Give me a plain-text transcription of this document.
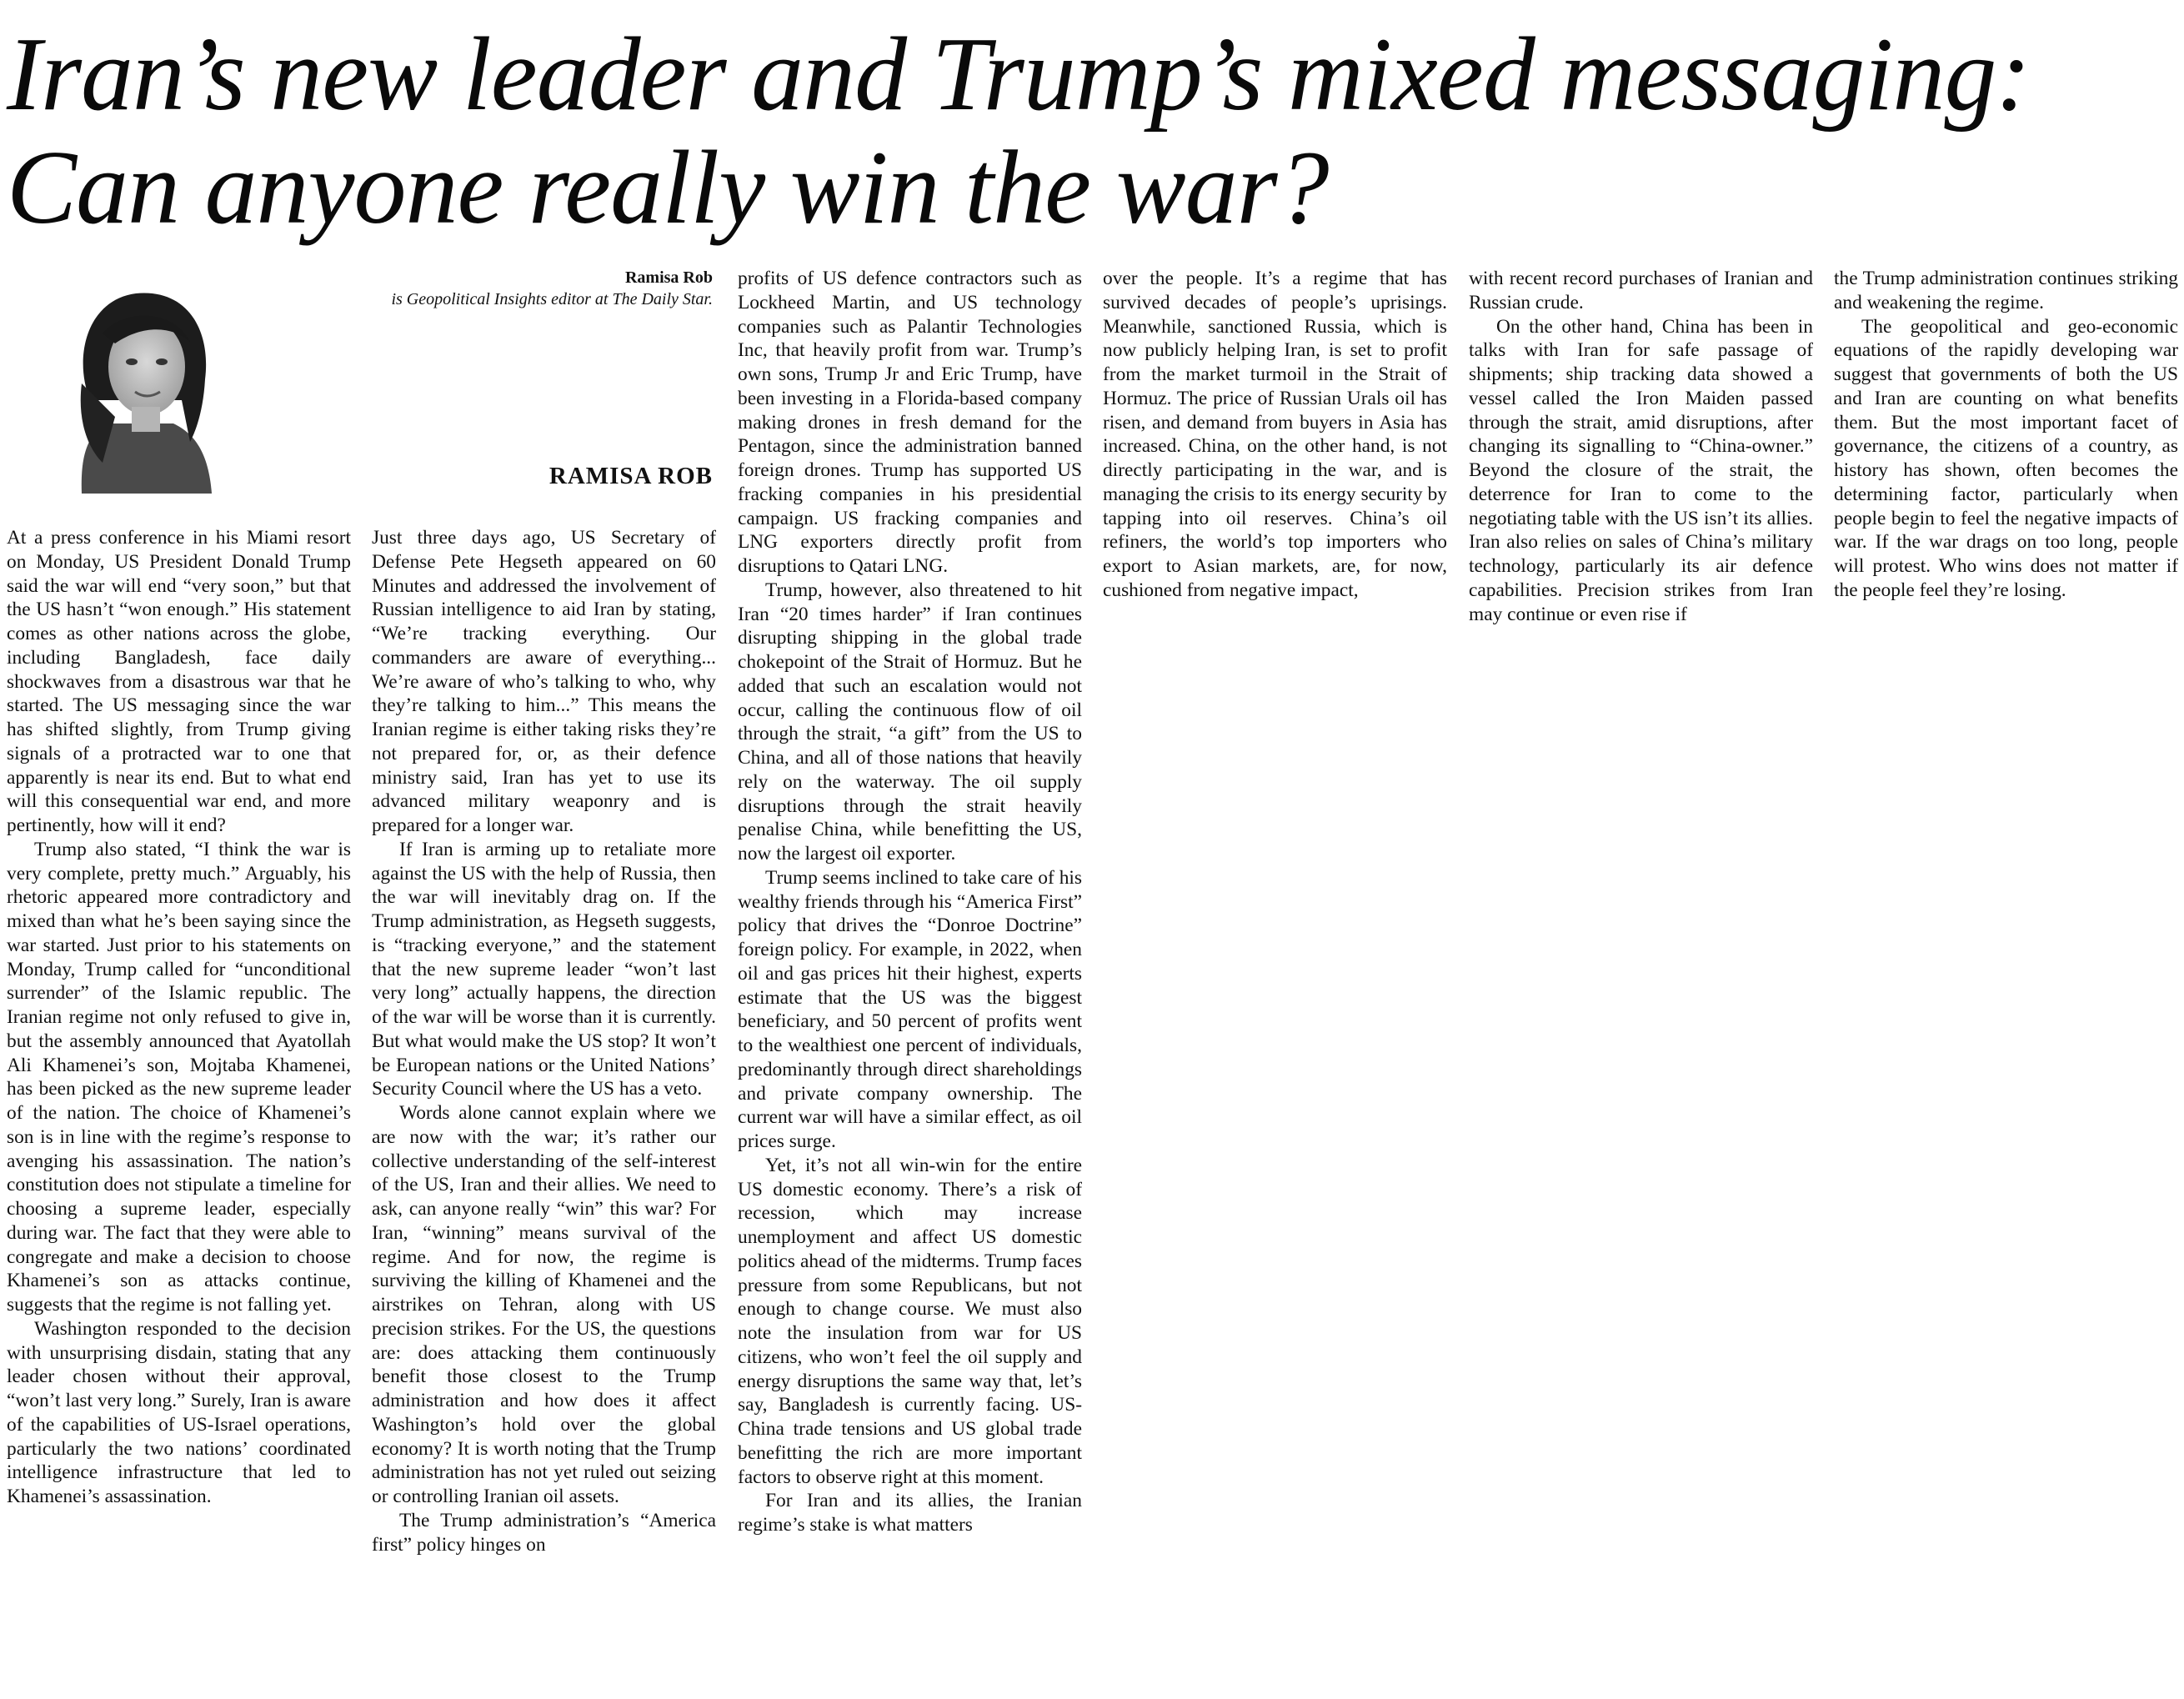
Iran’s new leader and Trump’s mixed messaging:
Can anyone really win the war?
Ramisa Rob
is Geopolitical Insights editor at The Daily Star.
RAMISA ROB

At a press conference in his Miami resort on Monday, US President Donald Trump said the war will end “very soon,” but that the US hasn’t “won enough.” His statement comes as other nations across the globe, including Bangladesh, face daily shockwaves from a disastrous war that he started. The US messaging since the war has shifted slightly, from Trump giving signals of a protracted war to one that apparently is near its end. But to what end will this consequential war end, and more pertinently, how will it end?

Trump also stated, “I think the war is very complete, pretty much.” Arguably, his rhetoric appeared more contradictory and mixed than what he’s been saying since the war started. Just prior to his statements on Monday, Trump called for “unconditional surrender” of the Islamic republic. The Iranian regime not only refused to give in, but the assembly announced that Ayatollah Ali Khamenei’s son, Mojtaba Khamenei, has been picked as the new supreme leader of the nation. The choice of Khamenei’s son is in line with the regime’s response to avenging his assassination. The nation’s constitution does not stipulate a timeline for choosing a supreme leader, especially during war. The fact that they were able to congregate and make a decision to choose Khamenei’s son as attacks continue, suggests that the regime is not falling yet.

Washington responded to the decision with unsurprising disdain, stating that any leader chosen without their approval, “won’t last very long.” Surely, Iran is aware of the capabilities of US-Israel operations, particularly the two nations’ coordinated intelligence infrastructure that led to Khamenei’s assassination.

Just three days ago, US Secretary of Defense Pete Hegseth appeared on 60 Minutes and addressed the involvement of Russian intelligence to aid Iran by stating, “We’re tracking everything. Our commanders are aware of everything... We’re aware of who’s talking to who, why they’re talking to him...” This means the Iranian regime is either taking risks they’re not prepared for, or, as their defence ministry said, Iran has yet to use its advanced military weaponry and is prepared for a longer war.

If Iran is arming up to retaliate more against the US with the help of Russia, then the war will inevitably drag on. If the Trump administration, as Hegseth suggests, is “tracking everyone,” and the statement that the new supreme leader “won’t last very long” actually happens, the direction of the war will be worse than it is currently. But what would make the US stop? It won’t be European nations or the United Nations’ Security Council where the US has a veto.

Words alone cannot explain where we are now with the war; it’s rather our collective understanding of the self-interest of the US, Iran and their allies. We need to ask, can anyone really “win” this war? For Iran, “winning” means survival of the regime. And for now, the regime is surviving the killing of Khamenei and the airstrikes on Tehran, along with US precision strikes. For the US, the questions are: does attacking them continuously benefit those closest to the Trump administration and how does it affect Washington’s hold over the global economy? It is worth noting that the Trump administration has not yet ruled out seizing or controlling Iranian oil assets.

The Trump administration’s “America first” policy hinges on

profits of US defence contractors such as Lockheed Martin, and US technology companies such as Palantir Technologies Inc, that heavily profit from war. Trump’s own sons, Trump Jr and Eric Trump, have been investing in a Florida-based company making drones in fresh demand for the Pentagon, since the administration banned foreign drones. Trump has supported US fracking companies in his presidential campaign. US fracking companies and LNG exporters directly profit from disruptions to Qatari LNG.

Trump, however, also threatened to hit Iran “20 times harder” if Iran continues disrupting shipping in the global trade chokepoint of the Strait of Hormuz. But he added that such an escalation would not occur, calling the continuous flow of oil through the strait, “a gift” from the US to China, and all of those nations that heavily rely on the waterway. The oil supply disruptions through the strait heavily penalise China, while benefitting the US, now the largest oil exporter.

Trump seems inclined to take care of his wealthy friends through his “America First” policy that drives the “Donroe Doctrine” foreign policy. For example, in 2022, when oil and gas prices hit their highest, experts estimate that the US was the biggest beneficiary, and 50 percent of profits went to the wealthiest one percent of individuals, predominantly through direct shareholdings and private company ownership. The current war will have a similar effect, as oil prices surge.

Yet, it’s not all win-win for the entire US domestic economy. There’s a risk of recession, which may increase unemployment and affect US domestic politics ahead of the midterms. Trump faces pressure from some Republicans, but not enough to change course. We must also note the insulation from war for US citizens, who won’t feel the oil supply and energy disruptions the same way that, let’s say, Bangladesh is currently facing. US-China trade tensions and US global trade benefitting the rich are more important factors to observe right at this moment.

For Iran and its allies, the Iranian regime’s stake is what matters

over the people. It’s a regime that has survived decades of people’s uprisings. Meanwhile, sanctioned Russia, which is now publicly helping Iran, is set to profit from the market turmoil in the Strait of Hormuz. The price of Russian Urals oil has risen, and demand from buyers in Asia has increased. China, on the other hand, is not directly participating in the war, and is managing the crisis to its energy security by tapping into oil reserves. China’s oil refiners, the world’s top importers who export to Asian markets, are, for now, cushioned from negative impact,

with recent record purchases of Iranian and Russian crude.

On the other hand, China has been in talks with Iran for safe passage of shipments; ship tracking data showed a vessel called the Iron Maiden passed through the strait, amid disruptions, after changing its signalling to “China-owner.” Beyond the closure of the strait, the deterrence for Iran to come to the negotiating table with the US isn’t its allies. Iran also relies on sales of China’s military technology, particularly its air defence capabilities. Precision strikes from Iran may continue or even rise if

the Trump administration continues striking and weakening the regime.

The geopolitical and geo-economic equations of the rapidly developing war suggest that governments of both the US and Iran are counting on what benefits them. But the most important facet of governance, the citizens of a country, as history has shown, often becomes the determining factor, particularly when people begin to feel the negative impacts of war. If the war drags on too long, people will protest. Who wins does not matter if the people feel they’re losing.
